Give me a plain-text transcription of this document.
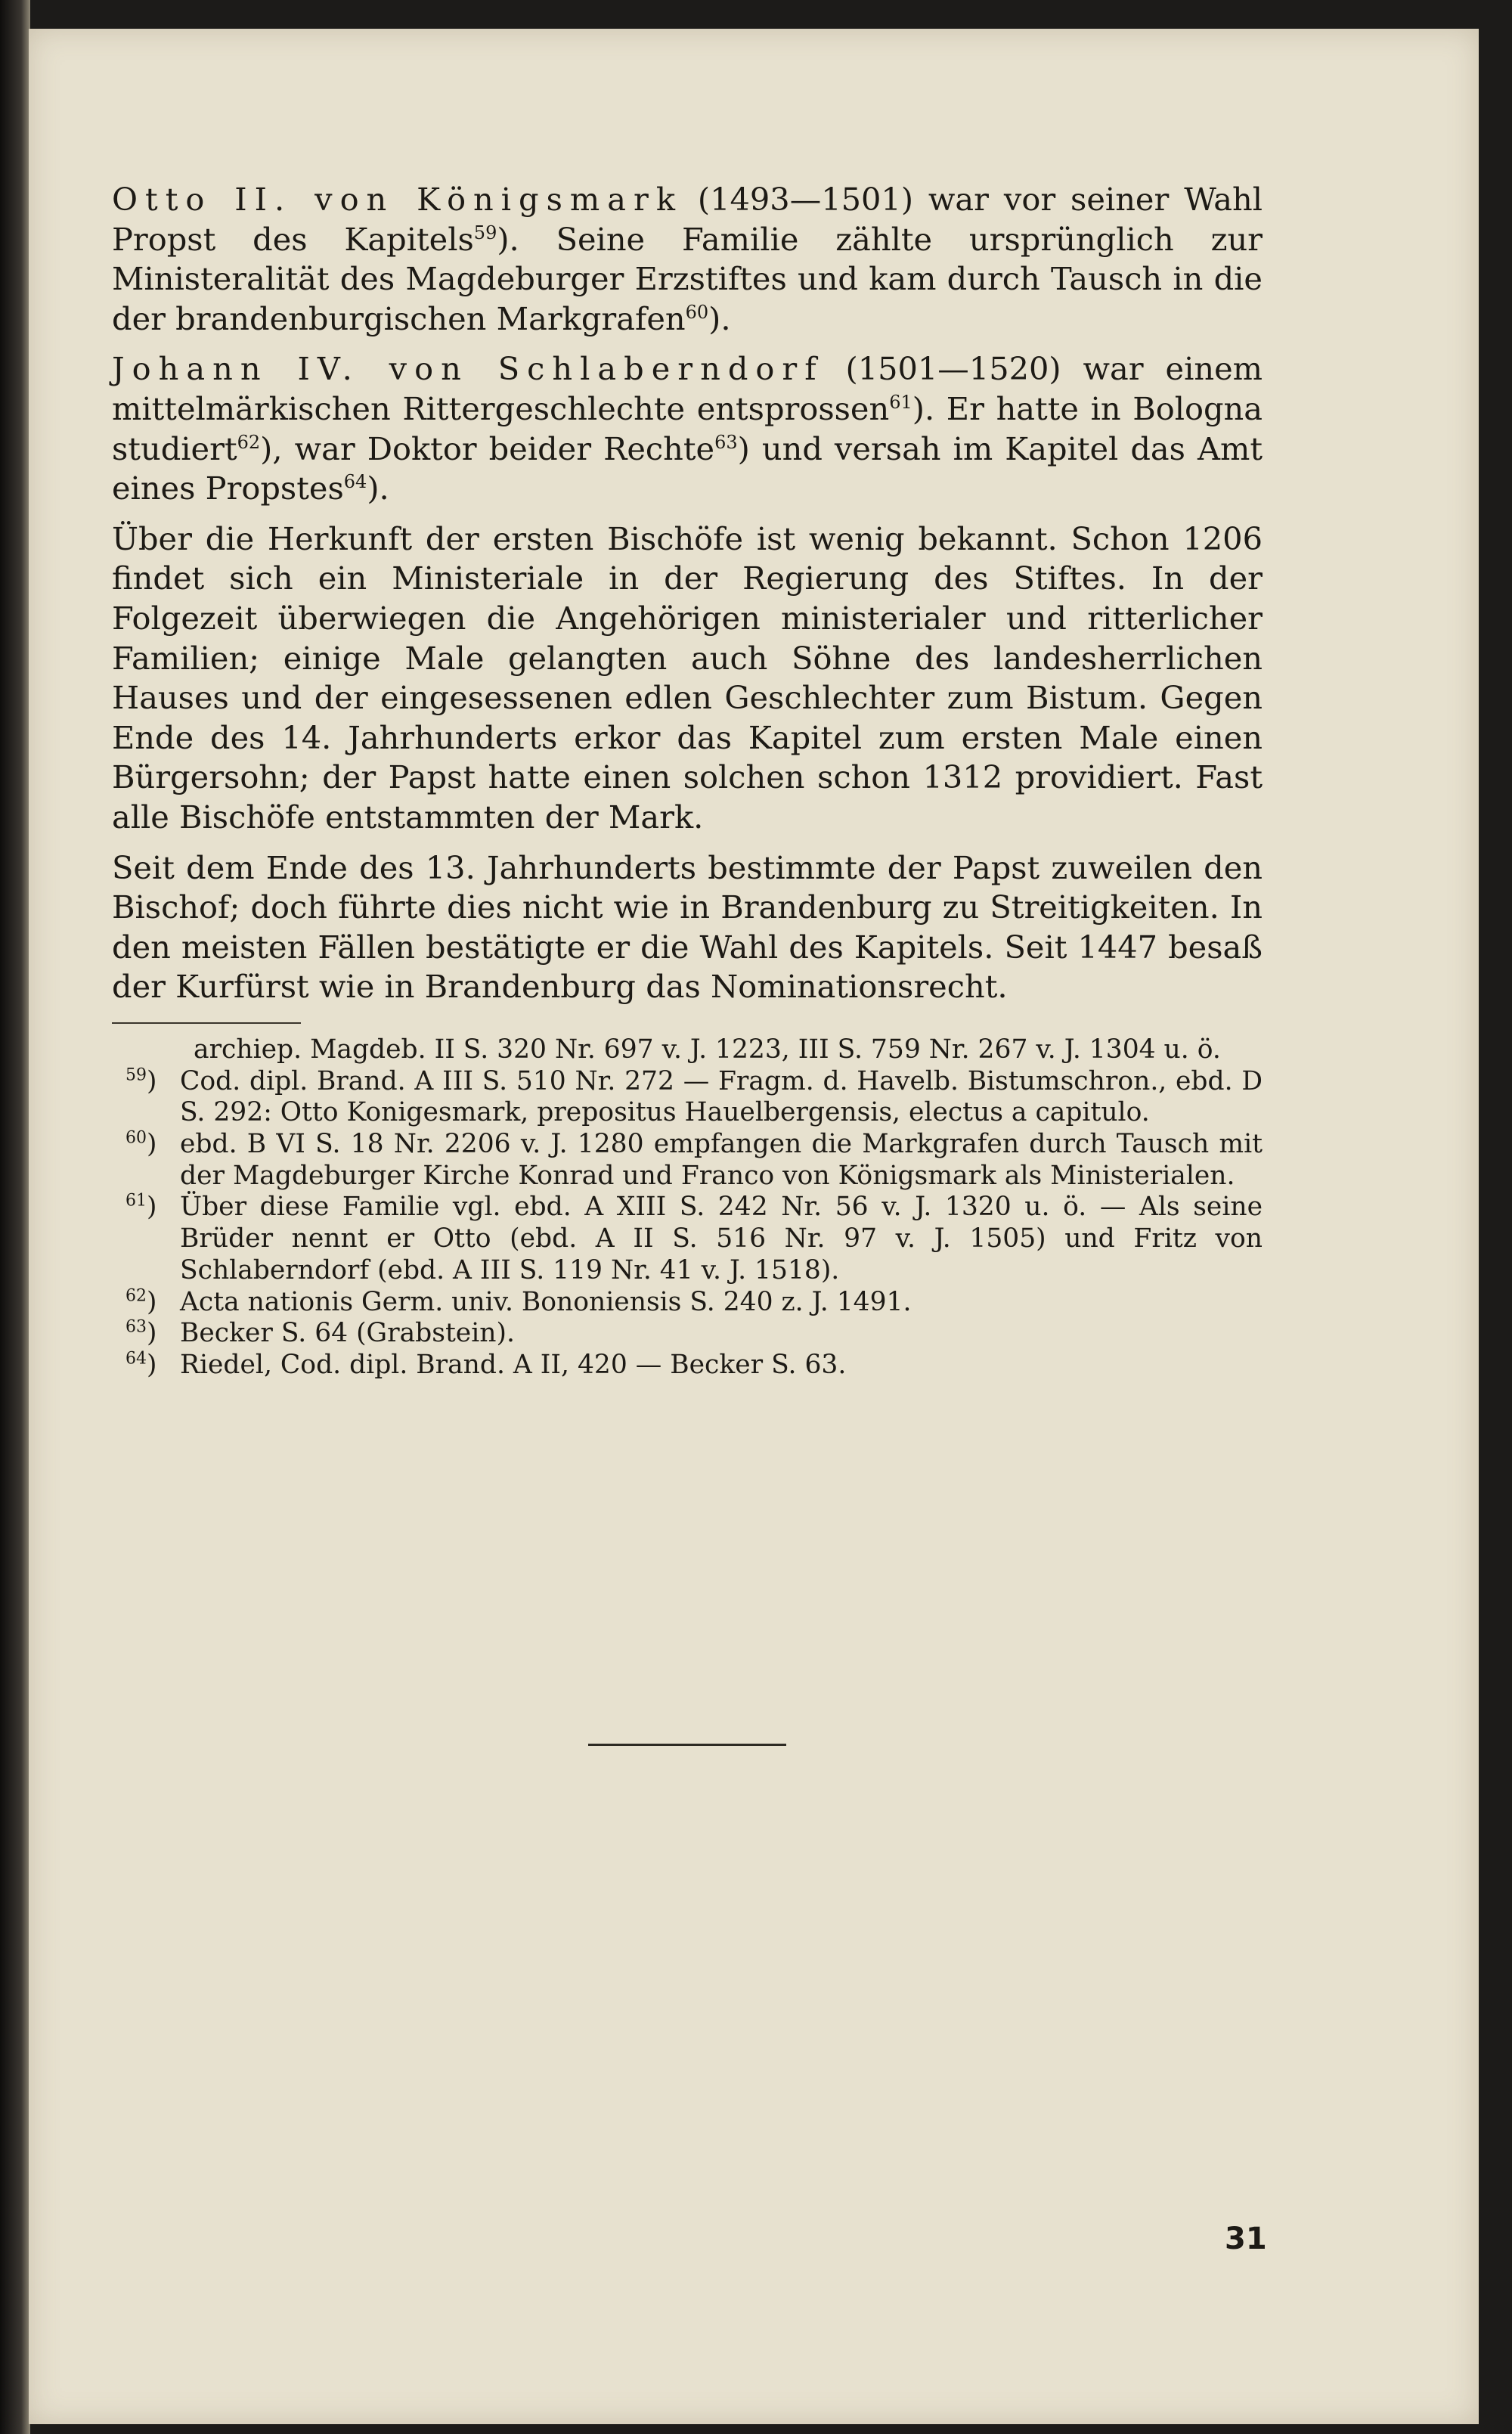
Otto II. von Königsmark (1493—1501) war vor seiner Wahl Propst des Kapitels$^{59}$). Seine Familie zählte ursprünglich zur Ministeralität des Magdeburger Erzstiftes und kam durch Tausch in die der brandenburgischen Markgrafen$^{60}$).

Johann IV. von Schlaberndorf (1501—1520) war einem mittelmärkischen Rittergeschlechte entsprossen$^{61}$). Er hatte in Bologna studiert$^{62}$), war Doktor beider Rechte$^{63}$) und versah im Kapitel das Amt eines Propstes$^{64}$).

Über die Herkunft der ersten Bischöfe ist wenig bekannt. Schon 1206 findet sich ein Ministeriale in der Regierung des Stiftes. In der Folgezeit überwiegen die Angehörigen ministerialer und ritterlicher Familien; einige Male gelangten auch Söhne des landesherrlichen Hauses und der eingesessenen edlen Geschlechter zum Bistum. Gegen Ende des 14. Jahrhunderts erkor das Kapitel zum ersten Male einen Bürgersohn; der Papst hatte einen solchen schon 1312 providiert. Fast alle Bischöfe entstammten der Mark.

Seit dem Ende des 13. Jahrhunderts bestimmte der Papst zuweilen den Bischof; doch führte dies nicht wie in Brandenburg zu Streitigkeiten. In den meisten Fällen bestätigte er die Wahl des Kapitels. Seit 1447 besaß der Kurfürst wie in Brandenburg das Nominationsrecht.

archiep. Magdeb. II S. 320 Nr. 697 v. J. 1223, III S. 759 Nr. 267 v. J. 1304 u. ö.

$^{59}$) Cod. dipl. Brand. A III S. 510 Nr. 272 — Fragm. d. Havelb. Bistumschron., ebd. D S. 292: Otto Konigesmark, prepositus Hauelbergensis, electus a capitulo.
$^{60}$) ebd. B VI S. 18 Nr. 2206 v. J. 1280 empfangen die Markgrafen durch Tausch mit der Magdeburger Kirche Konrad und Franco von Königsmark als Ministerialen.
$^{61}$) Über diese Familie vgl. ebd. A XIII S. 242 Nr. 56 v. J. 1320 u. ö. — Als seine Brüder nennt er Otto (ebd. A II S. 516 Nr. 97 v. J. 1505) und Fritz von Schlaberndorf (ebd. A III S. 119 Nr. 41 v. J. 1518).
$^{62}$) Acta nationis Germ. univ. Bononiensis S. 240 z. J. 1491.
$^{63}$) Becker S. 64 (Grabstein).
$^{64}$) Riedel, Cod. dipl. Brand. A II, 420 — Becker S. 63.
31
